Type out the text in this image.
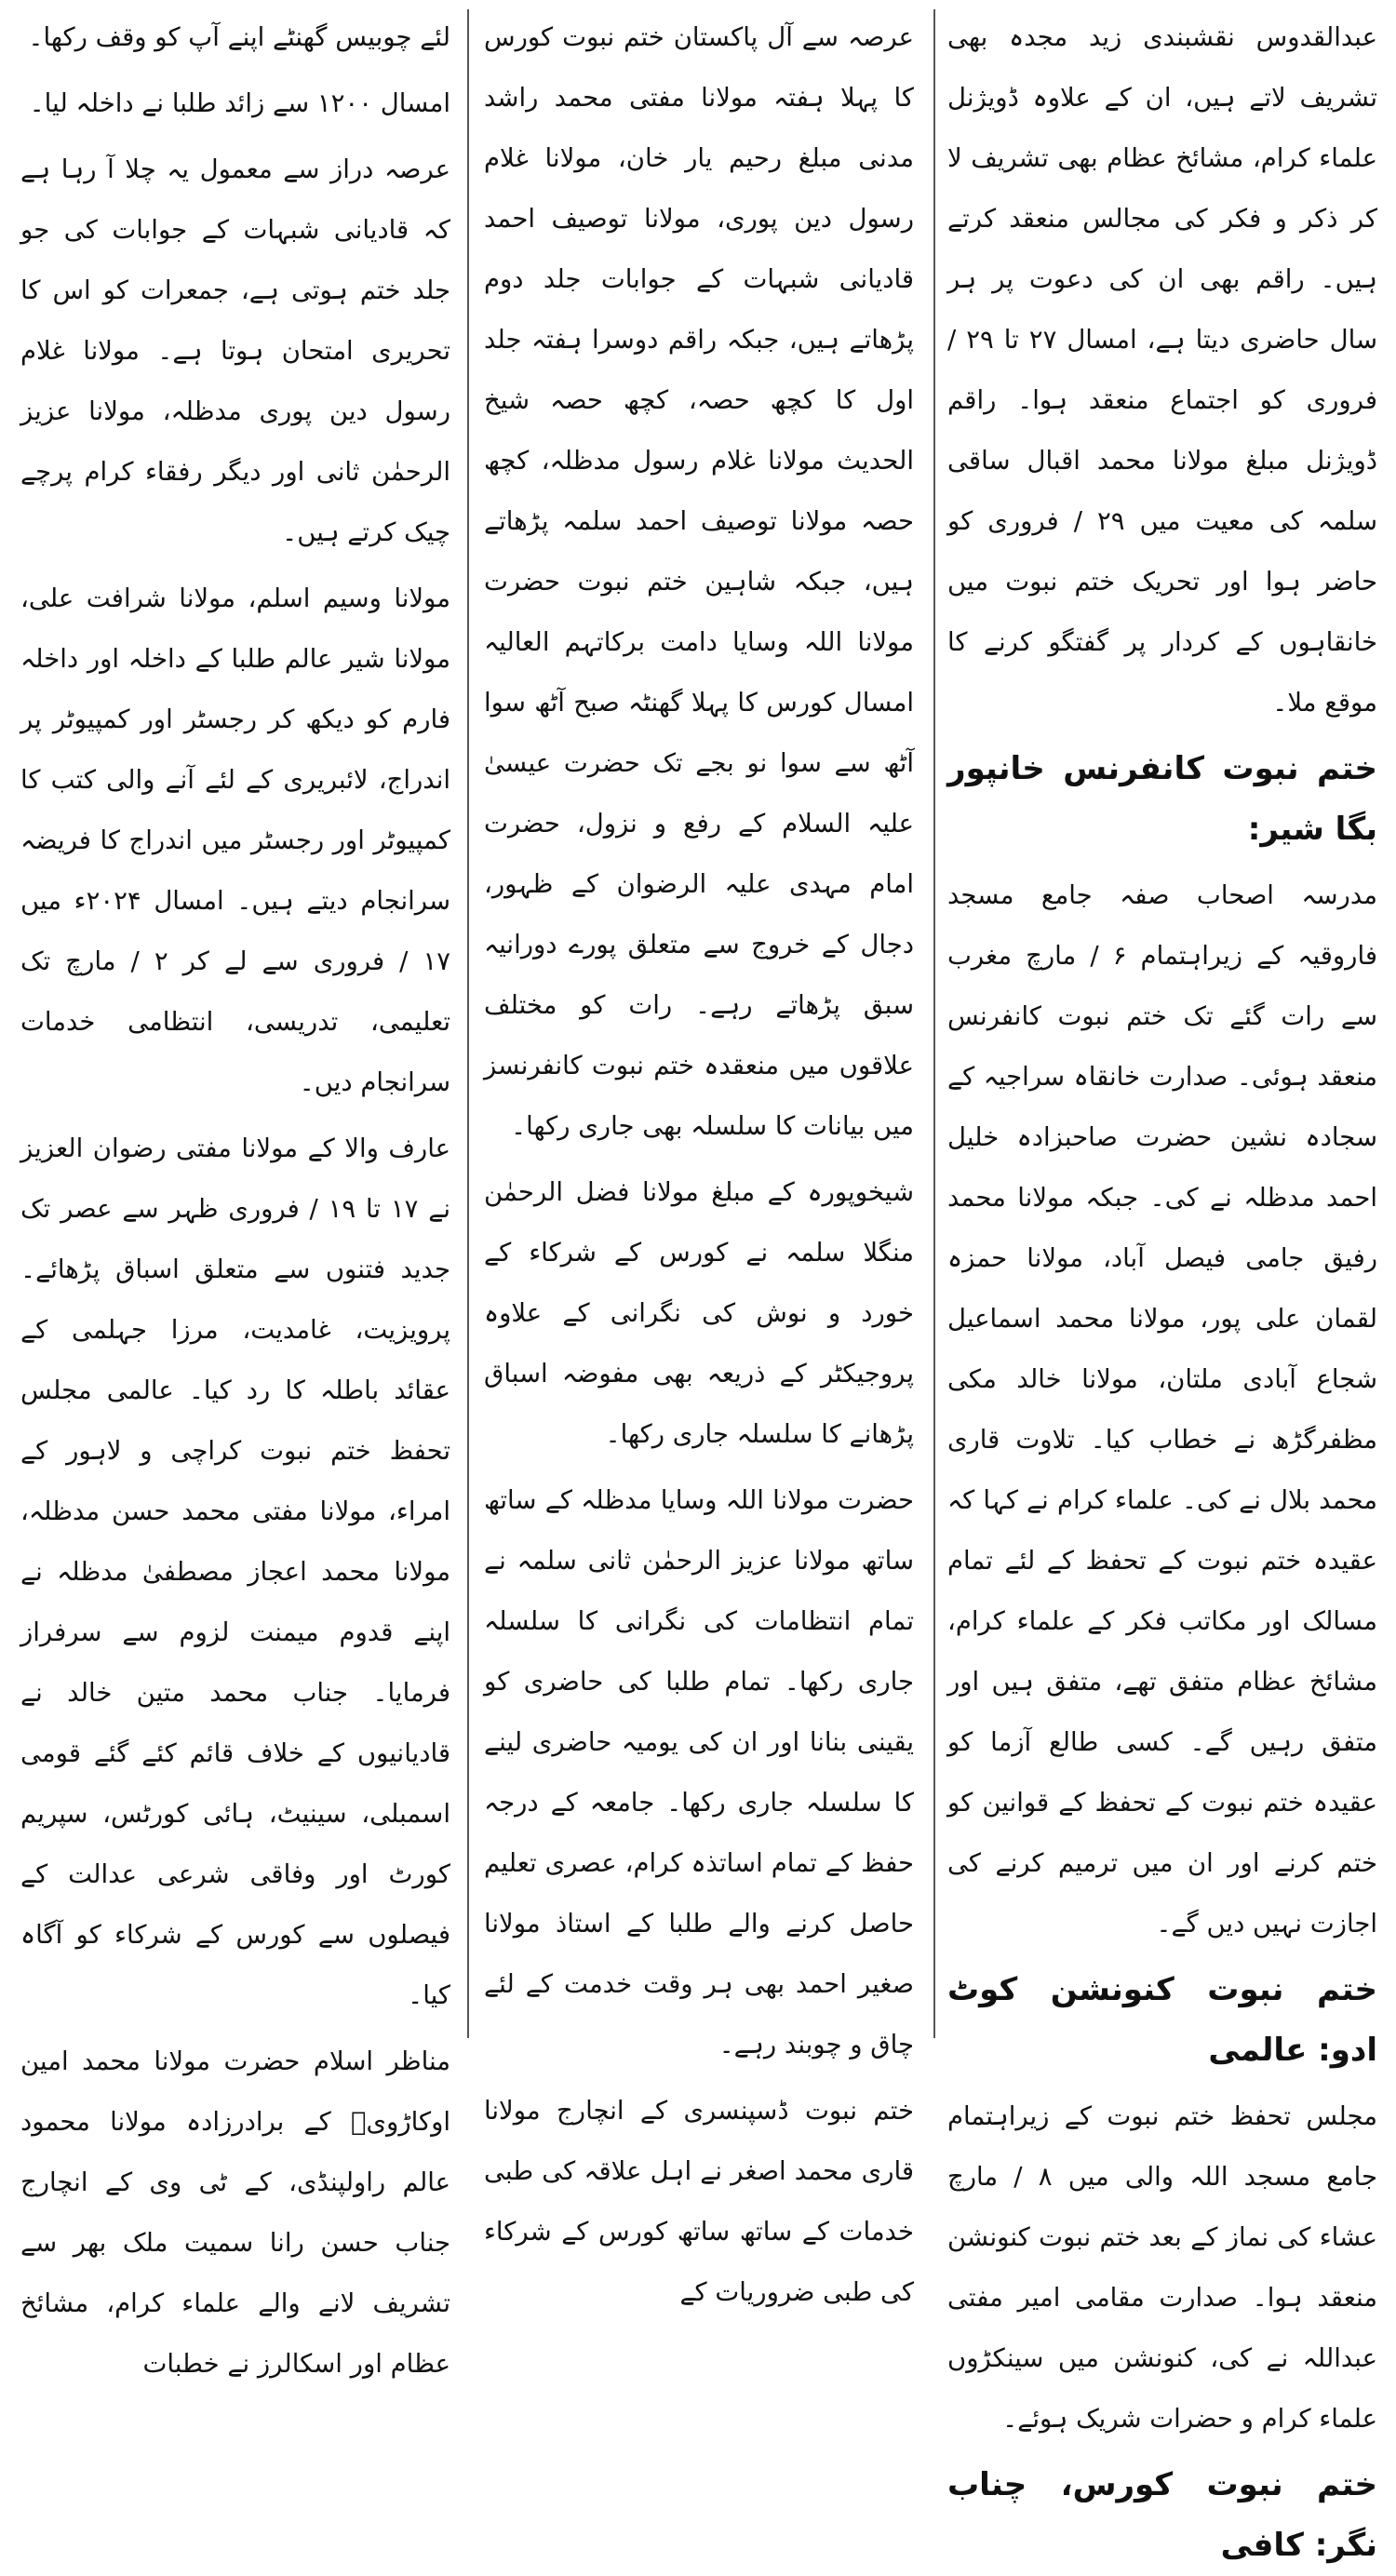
عبدالقدوس نقشبندی زید مجدہ بھی تشریف لاتے ہیں، ان کے علاوہ ڈویژنل علماء کرام، مشائخ عظام بھی تشریف لا کر ذکر و فکر کی مجالس منعقد کرتے ہیں۔ راقم بھی ان کی دعوت پر ہر سال حاضری دیتا ہے، امسال ۲۷ تا ۲۹ / فروری کو اجتماع منعقد ہوا۔ راقم ڈویژنل مبلغ مولانا محمد اقبال ساقی سلمہ کی معیت میں ۲۹ / فروری کو حاضر ہوا اور تحریک ختم نبوت میں خانقاہوں کے کردار پر گفتگو کرنے کا موقع ملا۔

ختم نبوت کانفرنس خانپور بگا شیر:

مدرسہ اصحاب صفہ جامع مسجد فاروقیہ کے زیراہتمام ۶ / مارچ مغرب سے رات گئے تک ختم نبوت کانفرنس منعقد ہوئی۔ صدارت خانقاہ سراجیہ کے سجادہ نشین حضرت صاحبزادہ خلیل احمد مدظلہ نے کی۔ جبکہ مولانا محمد رفیق جامی فیصل آباد، مولانا حمزہ لقمان علی پور، مولانا محمد اسماعیل شجاع آبادی ملتان، مولانا خالد مکی مظفرگڑھ نے خطاب کیا۔ تلاوت قاری محمد بلال نے کی۔ علماء کرام نے کہا کہ عقیدہ ختم نبوت کے تحفظ کے لئے تمام مسالک اور مکاتب فکر کے علماء کرام، مشائخ عظام متفق تھے، متفق ہیں اور متفق رہیں گے۔ کسی طالع آزما کو عقیدہ ختم نبوت کے تحفظ کے قوانین کو ختم کرنے اور ان میں ترمیم کرنے کی اجازت نہیں دیں گے۔

ختم نبوت کنونشن کوٹ ادو: عالمی

مجلس تحفظ ختم نبوت کے زیراہتمام جامع مسجد اللہ والی میں ۸ / مارچ عشاء کی نماز کے بعد ختم نبوت کنونشن منعقد ہوا۔ صدارت مقامی امیر مفتی عبداللہ نے کی، کنونشن میں سینکڑوں علماء کرام و حضرات شریک ہوئے۔

ختم نبوت کورس، چناب نگر: کافی

عرصہ سے آل پاکستان ختم نبوت کورس کا پہلا ہفتہ مولانا مفتی محمد راشد مدنی مبلغ رحیم یار خان، مولانا غلام رسول دین پوری، مولانا توصیف احمد قادیانی شبہات کے جوابات جلد دوم پڑھاتے ہیں، جبکہ راقم دوسرا ہفتہ جلد اول کا کچھ حصہ، کچھ حصہ شیخ الحدیث مولانا غلام رسول مدظلہ، کچھ حصہ مولانا توصیف احمد سلمہ پڑھاتے ہیں، جبکہ شاہین ختم نبوت حضرت مولانا اللہ وسایا دامت برکاتہم العالیہ امسال کورس کا پہلا گھنٹہ صبح آٹھ سوا آٹھ سے سوا نو بجے تک حضرت عیسیٰ علیہ السلام کے رفع و نزول، حضرت امام مہدی علیہ الرضوان کے ظہور، دجال کے خروج سے متعلق پورے دورانیہ سبق پڑھاتے رہے۔ رات کو مختلف علاقوں میں منعقدہ ختم نبوت کانفرنسز میں بیانات کا سلسلہ بھی جاری رکھا۔

شیخوپورہ کے مبلغ مولانا فضل الرحمٰن منگلا سلمہ نے کورس کے شرکاء کے خورد و نوش کی نگرانی کے علاوہ پروجیکٹر کے ذریعہ بھی مفوضہ اسباق پڑھانے کا سلسلہ جاری رکھا۔

حضرت مولانا اللہ وسایا مدظلہ کے ساتھ ساتھ مولانا عزیز الرحمٰن ثانی سلمہ نے تمام انتظامات کی نگرانی کا سلسلہ جاری رکھا۔ تمام طلبا کی حاضری کو یقینی بنانا اور ان کی یومیہ حاضری لینے کا سلسلہ جاری رکھا۔ جامعہ کے درجہ حفظ کے تمام اساتذہ کرام، عصری تعلیم حاصل کرنے والے طلبا کے استاذ مولانا صغیر احمد بھی ہر وقت خدمت کے لئے چاق و چوبند رہے۔

ختم نبوت ڈسپنسری کے انچارج مولانا قاری محمد اصغر نے اہل علاقہ کی طبی خدمات کے ساتھ ساتھ کورس کے شرکاء کی طبی ضروریات کے

لئے چوبیس گھنٹے اپنے آپ کو وقف رکھا۔

امسال ۱۲۰۰ سے زائد طلبا نے داخلہ لیا۔

عرصہ دراز سے معمول یہ چلا آ رہا ہے کہ قادیانی شبہات کے جوابات کی جو جلد ختم ہوتی ہے، جمعرات کو اس کا تحریری امتحان ہوتا ہے۔ مولانا غلام رسول دین پوری مدظلہ، مولانا عزیز الرحمٰن ثانی اور دیگر رفقاء کرام پرچے چیک کرتے ہیں۔

مولانا وسیم اسلم، مولانا شرافت علی، مولانا شیر عالم طلبا کے داخلہ اور داخلہ فارم کو دیکھ کر رجسٹر اور کمپیوٹر پر اندراج، لائبریری کے لئے آنے والی کتب کا کمپیوٹر اور رجسٹر میں اندراج کا فریضہ سرانجام دیتے ہیں۔ امسال ۲۰۲۴ء میں ۱۷ / فروری سے لے کر ۲ / مارچ تک تعلیمی، تدریسی، انتظامی خدمات سرانجام دیں۔

عارف والا کے مولانا مفتی رضوان العزیز نے ۱۷ تا ۱۹ / فروری ظہر سے عصر تک جدید فتنوں سے متعلق اسباق پڑھائے۔ پرویزیت، غامدیت، مرزا جہلمی کے عقائد باطلہ کا رد کیا۔ عالمی مجلس تحفظ ختم نبوت کراچی و لاہور کے امراء، مولانا مفتی محمد حسن مدظلہ، مولانا محمد اعجاز مصطفیٰ مدظلہ نے اپنے قدوم میمنت لزوم سے سرفراز فرمایا۔ جناب محمد متین خالد نے قادیانیوں کے خلاف قائم کئے گئے قومی اسمبلی، سینیٹ، ہائی کورٹس، سپریم کورٹ اور وفاقی شرعی عدالت کے فیصلوں سے کورس کے شرکاء کو آگاہ کیا۔

مناظر اسلام حضرت مولانا محمد امین اوکاڑویؒ کے برادرزادہ مولانا محمود عالم راولپنڈی، کے ٹی وی کے انچارج جناب حسن رانا سمیت ملک بھر سے تشریف لانے والے علماء کرام، مشائخ عظام اور اسکالرز نے خطبات
